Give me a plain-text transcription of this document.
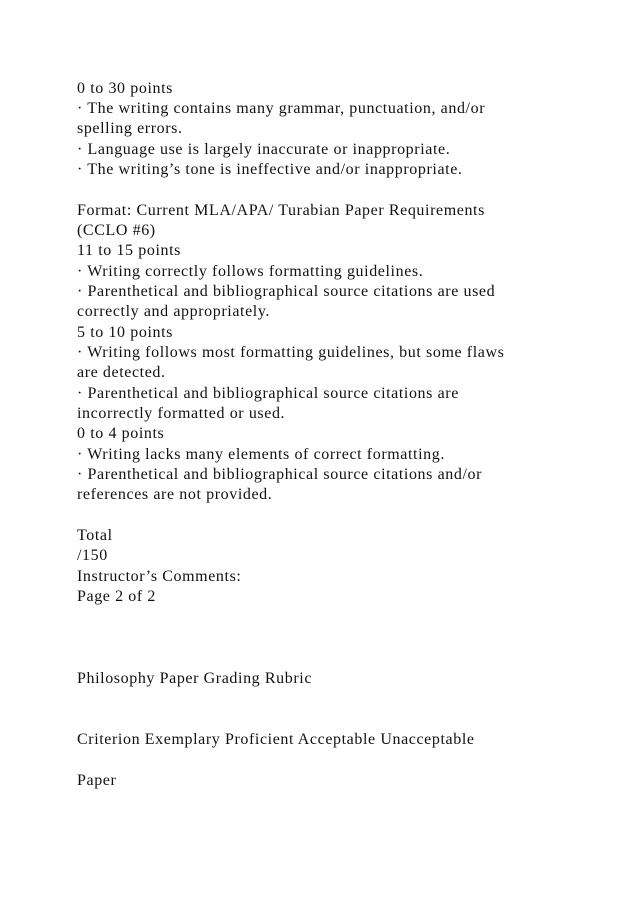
0 to 30 points

· The writing contains many grammar, punctuation, and/or

spelling errors.

· Language use is largely inaccurate or inappropriate.

· The writing’s tone is ineffective and/or inappropriate.

Format: Current MLA/APA/ Turabian Paper Requirements

(CCLO #6)

11 to 15 points

· Writing correctly follows formatting guidelines.

· Parenthetical and bibliographical source citations are used

correctly and appropriately.

5 to 10 points

· Writing follows most formatting guidelines, but some flaws

are detected.

· Parenthetical and bibliographical source citations are

incorrectly formatted or used.

0 to 4 points

· Writing lacks many elements of correct formatting.

· Parenthetical and bibliographical source citations and/or

references are not provided.

Total

/150

Instructor’s Comments:

Page 2 of 2

Philosophy Paper Grading Rubric

Criterion Exemplary Proficient Acceptable Unacceptable

Paper
